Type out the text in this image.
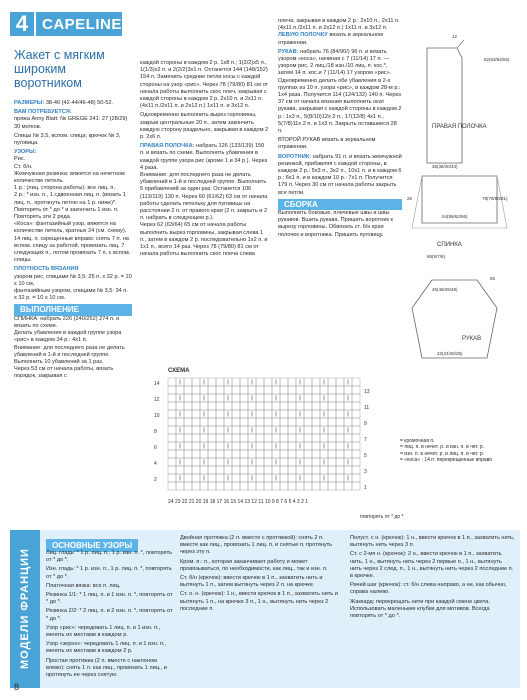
4 CAPELINE
Жакет с мягким широким воротником
РАЗМЕРЫ: 38-40 (42-44/46-48) 50-52.
ВАМ ПОТРЕБУЕТСЯ:
пряжа Anny Blatt: № GREGE 241: 27 (28/29) 30 мотков.
Спицы № 3,5, вспом. спица; крючок № 3, пуговица.
УЗОРЫ:
Рис.
Ст. б/н.
Жемчужная резинка: вяжется на нечетном количестве петель.
1 р.: (лиц. сторона работы): все лиц. п.
2 р.: * изн. п., 1 сдвоенная лиц. п. (вязать 1 лиц. п., протянуть петлю на 1 р. ниже)*. Повторять от * до * и закончить 1 изн. п. Повторять эти 2 ряда.
«Коса»: фантазийный узор, вяжется на количестве петель, кратных 24 (см. схему).
14 лиц. п. скрещенные вправо: снять 7 п. на вспом. спицу за работой, провязать лиц. 7 следующих п., потом провязать 7 п. с вспом. спицы.
ПЛОТНОСТЬ ВЯЗАНИЯ
узором рис, спицами № 3,5: 25 п. x 32 р. = 10 x 10 см,
фантазийным узором, спицами № 3,5: 34 п. x 32 р. = 10 x 10 см.
ВЫПОЛНЕНИЕ
СПИНКА: набрать 226 (240/252) 274 п. и вязать по схеме.
Делать убавления в каждой группе узора «рис» в каждом 34 р.: 4x1 п.
Внимание: для последнего раза не делать убавлений в 1-й и последней группе. Выполнить 10 убавлений за 1 раз.
Через 53 см от начала работы, вязать порядок, закрывая с
каждой стороны в каждом 2 р. 1x8 п.; 1(2/2)x5 п., 1(1/3)x2 п. и 2(2/2)3x1 п. Останется 144 (148/152) 154 п. Заменить средние петли косы с каждой стороны на узор «рис». Через 78 (79/80) 81 см от начала работы выполнить скос плеч, закрывая с каждой стороны в каждом 2 р. 2x10 п. и 2x11 п. (4x11 п./2x11 п. и 2x12 п.) 1x11 п. и 3x12 п.
Одновременно выполнить вырез горловины, закрыв центральные 20 п., затем закончить каждую сторону раздельно, закрывая в каждом 2 р. 2x6 п.
ПРАВАЯ ПОЛОЧКА: набрать 126 (133/139) 150 п. и вязать по схеме. Выполнять убавления в каждой группе узора рис (кроме 1 и 34 р.). Через 4 раза.
Внимание: для последнего раза не делать убавлений в 1-й и последней группе. Выполнить 5 прибавлений за один раз. Останется 106 (113/119) 130 п. Через 60 (61/62) 63 см от начала работы сделать петельку для пуговицы на расстоянии 2 п. от правого края (2 п. закрыть и 2 п. набрать в следующем р.).
Через 62 (63/64) 65 см от начала работы выполнить вырез горловины, закрывая слева 1 п., затем в каждом 2 р. последовательно 1x2 п. и 1x1 п., всего 14 раз. Через 78 (79/80) 81 см от начала работы выполнить скос плеча слева
плеча, закрывая в каждом 2 р.: 2x10 п., 2x11 п. (4x11 п./2x11 п. и 2x12 п.) 1x11 п. и 3x12 п.
ЛЕВУЮ ПОЛОЧКУ вязать в зеркальном отражении.
РУКАВ: набрать 76 (84/90/) 96 п. и вязать узором «коса», начиная с 7 (11/14) 17 п. — узором рис, 2 лиц./18 изн./10 лиц. п. кос.*, затем 14 п. кос.и 7 (11/14) 17 узором «рис». Одновременно делать обе убавления в 2-х группах из 10 п. узора «рис», в каждом 28-м р.: 1x4 раза. Получится 114 (124/132) 140 п. Через 37 см от начала вязания выполнить окат рукава, закрывая с каждой стороны в каждом 2 р.: 1x3 п., 5(8/10)12x 2 п., 17(12/8) 4x1 п., 5(7/8)11x 2 п. и 1x3 п. Закрыть оставшиеся 28 п.
ВТОРОЙ РУКАВ вязать в зеркальном отражении.
ВОРОТНИК: набрать 91 п. и вязать жемчужной резинкой, прибавляя с каждой стороны, в каждом 2 р.: 5x3 п., 3x2 п., 10x1 п. и в каждом 6 р.: 6x1 п. и в каждом 10 р.: 7x1 п. Получится 179 п. Через 30 см от начала работы закрыть все петли.
СБОРКА
Выполнить боковые, плечевые швы и швы рукавов. Вшить рукава. Пришить воротник к вырезу горловины. Обвязать ст. б/н края полочек и воротника. Пришить пуговицу.
ПРАВАЯ ПОЛОЧКА
12
62(63/64/65)
36(38/40/43)
25	78(79/80/81)
54(58/62/66)
СПИНКА
86(9/7/8)
55
45(48/49/49)
РУКАВ
22(24/26/28)
СХЕМА
14
12
10
8
6
4
2
13
11
9
7
5
3
1
24 23 22 21 20 19 18 17 16 15 14 13 12 11 10 9 8 7 6 5 4 3 2 1
= кромочная п.
= лиц. п. в нечет. р. и изн. п. в чет. р.
= изн. п. в нечет. р. и лиц. п. в чет. р.
= «коса» : 14 п. перекрещенные вправо
повторять от * до *
МОДЕЛИ ФРАНЦИИ
ОСНОВНЫЕ УЗОРЫ
Лиц. гладь: * 1 р. лиц. п., 1 р. изн. п. *, повторять от * до *.
Изн. гладь: * 1 р. изн. п., 1 р. лиц. п. *, повторять от * до *.
Платочная вязка: все п. лиц.
Резинка 1/1: * 1 лиц. п. и 1 изн. п. *, повторять от * до *.
Резинка 2/2: * 2 лиц. п. и 2 изн. п. *, повторять от * до *.
Узор «рис»: чередовать 1 лиц. п. и 1 изн. п., менять их местами в каждом р.
Узор «зерно»: чередовать 1 лиц. п. и 1 изн. п., менять их местами в каждом 2 р.
Простая протяжка (2 п. вместе с наклоном влево): снять 1 п. как лиц., провязать 1 лиц., и протянуть ее через снятую.
Двойная протяжка (2 п. вместе с протяжкой): снять 2 п. вместе как лиц., провязать 1 лиц. п. и снятые п. протянуть через эту п.
Кром. п.: п., которая заканчивает работу и может провязываться, по необходимости, как лиц., так и изн. п.
Ст. б/н (крючок): ввести крючок в 1 п., захватить нить и вытянуть 1 п., затем вытянуть через 2 п. на крючке.
Ст. о. н. (крючок): 1 н., ввести крючок в 1 п., захватить нить и вытянуть 1 п., на крючке 3 п., 1 н., вытянуть нить через 2 последние п.
Полуст. с н. (крючок): 1 н., ввести крючок в 1 п., захватить нить, вытянуть нить через 3 п.
Ст. с 2-мя н. (крючок): 2 н., ввести крючок в 1 п., захватить нить, 1 н., вытянуть нить через 2 первые п., 1 н., вытянуть нить через 2 след. п., 1 н., вытянуть нить через 2 последние п. в крючке.
Рачий шаг (крючок): ст. б/н слева направо, а не, как обычно, справа налево.
Жаккард: перекрещать нити при каждой смене цвета. Использовать маленькие клубки для мотивов. Всегда повторять от * до *.
8
